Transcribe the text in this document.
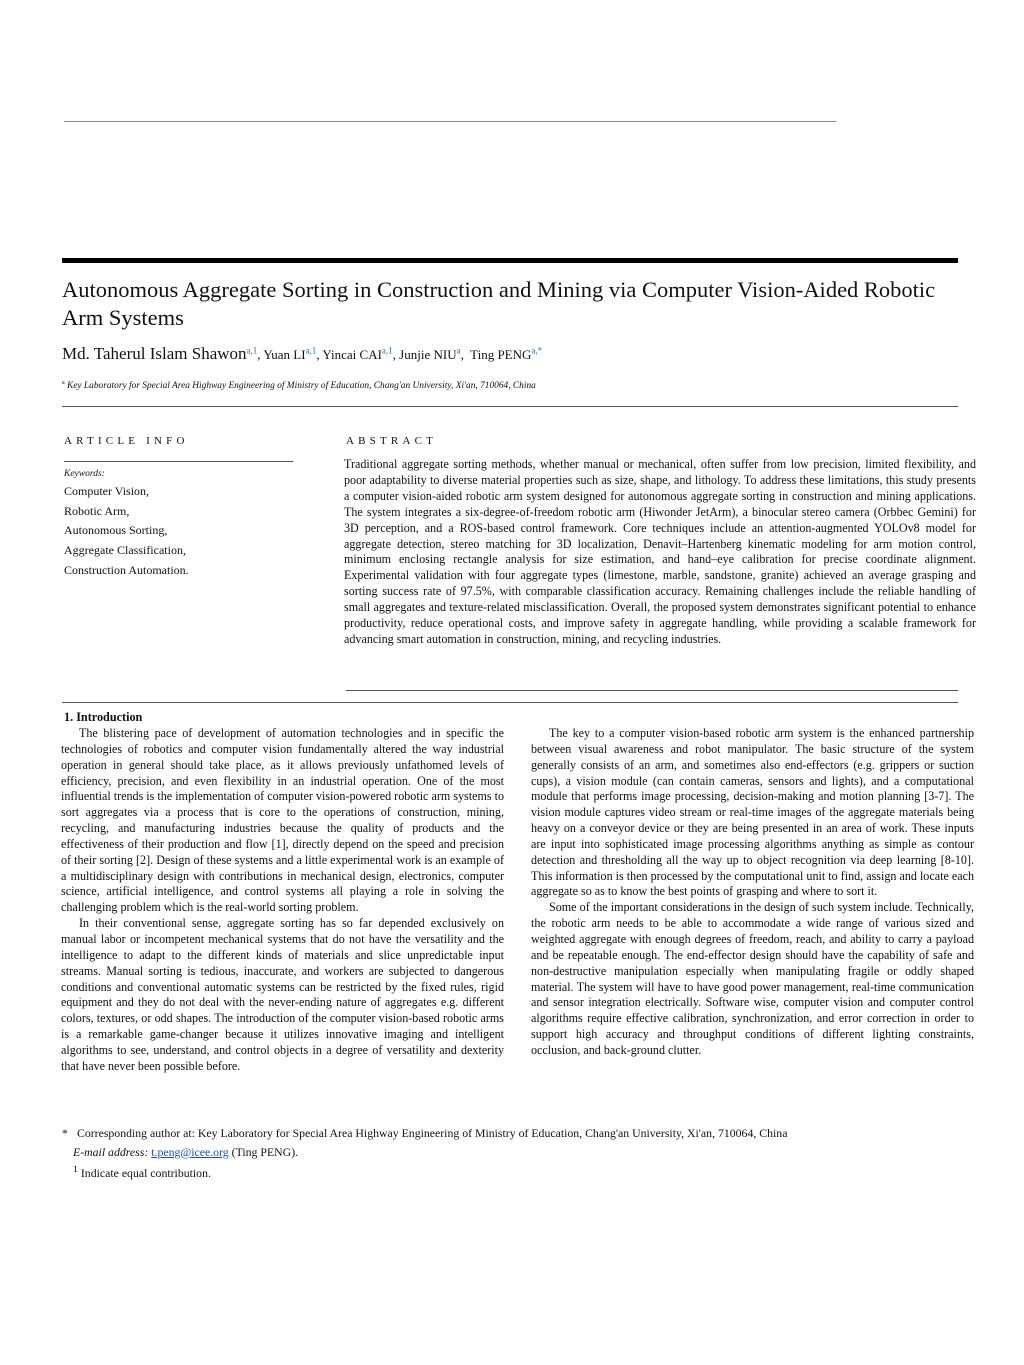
Autonomous Aggregate Sorting in Construction and Mining via Computer Vision-Aided Robotic Arm Systems
Md. Taherul Islam Shawon$^{a,1}$, Yuan LI$^{a,1}$, Yincai CAI$^{a,1}$, Junjie NIU$^a$,  Ting $PENG^{a,*}$
$^a$ Key Laboratory for Special Area Highway Engineering of Ministry of Education, Chang'an University, Xi'an, 710064, China
ARTICLE INFO	ABSTRACT
Keywords:
Computer Vision,
Robotic Arm,
Autonomous Sorting,
Aggregate Classification,
Construction Automation.
Traditional aggregate sorting methods, whether manual or mechanical, often suffer from low precision, limited flexibility, and poor adaptability to diverse material properties such as size, shape, and lithology. To address these limitations, this study presents a computer vision-aided robotic arm system designed for autonomous aggregate sorting in construction and mining applications. The system integrates a six-degree-of-freedom robotic arm (Hiwonder JetArm), a binocular stereo camera (Orbbec Gemini) for 3D perception, and a ROS-based control framework. Core techniques include an attention-augmented YOLOv8 model for aggregate detection, stereo matching for 3D localization, Denavit–Hartenberg kinematic modeling for arm motion control, minimum enclosing rectangle analysis for size estimation, and hand–eye calibration for precise coordinate alignment. Experimental validation with four aggregate types (limestone, marble, sandstone, granite) achieved an average grasping and sorting success rate of 97.5%, with comparable classification accuracy. Remaining challenges include the reliable handling of small aggregates and texture-related misclassification. Overall, the proposed system demonstrates significant potential to enhance productivity, reduce operational costs, and improve safety in aggregate handling, while providing a scalable framework for advancing smart automation in construction, mining, and recycling industries.
1. Introduction

The blistering pace of development of automation technologies and in specific the technologies of robotics and computer vision fundamentally altered the way industrial operation in general should take place, as it allows previously unfathomed levels of efficiency, precision, and even flexibility in an industrial operation. One of the most influential trends is the implementation of computer vision-powered robotic arm systems to sort aggregates via a process that is core to the operations of construction, mining, recycling, and manufacturing industries because the quality of products and the effectiveness of their production and flow [1], directly depend on the speed and precision of their sorting [2]. Design of these systems and a little experimental work is an example of a multidisciplinary design with contributions in mechanical design, electronics, computer science, artificial intelligence, and control systems all playing a role in solving the challenging problem which is the real-world sorting problem.

In their conventional sense, aggregate sorting has so far depended exclusively on manual labor or incompetent mechanical systems that do not have the versatility and the intelligence to adapt to the different kinds of materials and slice unpredictable input streams. Manual sorting is tedious, inaccurate, and workers are subjected to dangerous conditions and conventional automatic systems can be restricted by the fixed rules, rigid equipment and they do not deal with the never-ending nature of aggregates e.g. different colors, textures, or odd shapes. The introduction of the computer vision-based robotic arms is a remarkable game-changer because it utilizes innovative imaging and intelligent algorithms to see, understand, and control objects in a degree of versatility and dexterity that have never been possible before.

The key to a computer vision-based robotic arm system is the enhanced partnership between visual awareness and robot manipulator. The basic structure of the system generally consists of an arm, and sometimes also end-effectors (e.g. grippers or suction cups), a vision module (can contain cameras, sensors and lights), and a computational module that performs image processing, decision-making and motion planning [3-7]. The vision module captures video stream or real-time images of the aggregate materials being heavy on a conveyor device or they are being presented in an area of work. These inputs are input into sophisticated image processing algorithms anything as simple as contour detection and thresholding all the way up to object recognition via deep learning [8-10]. This information is then processed by the computational unit to find, assign and locate each aggregate so as to know the best points of grasping and where to sort it.

Some of the important considerations in the design of such system include. Technically, the robotic arm needs to be able to accommodate a wide range of various sized and weighted aggregate with enough degrees of freedom, reach, and ability to carry a payload and be repeatable enough. The end-effector design should have the capability of safe and non-destructive manipulation especially when manipulating fragile or oddly shaped material. The system will have to have good power management, real-time communication and sensor integration electrically. Software wise, computer vision and computer control algorithms require effective calibration, synchronization, and error correction in order to support high accuracy and throughput conditions of different lighting constraints, occlusion, and back-ground clutter.

* Corresponding author at: Key Laboratory for Special Area Highway Engineering of Ministry of Education, Chang'an University, Xi'an, 710064, China
E-mail address: t.peng@icee.org (Ting PENG).
$^1$ Indicate equal contribution.
